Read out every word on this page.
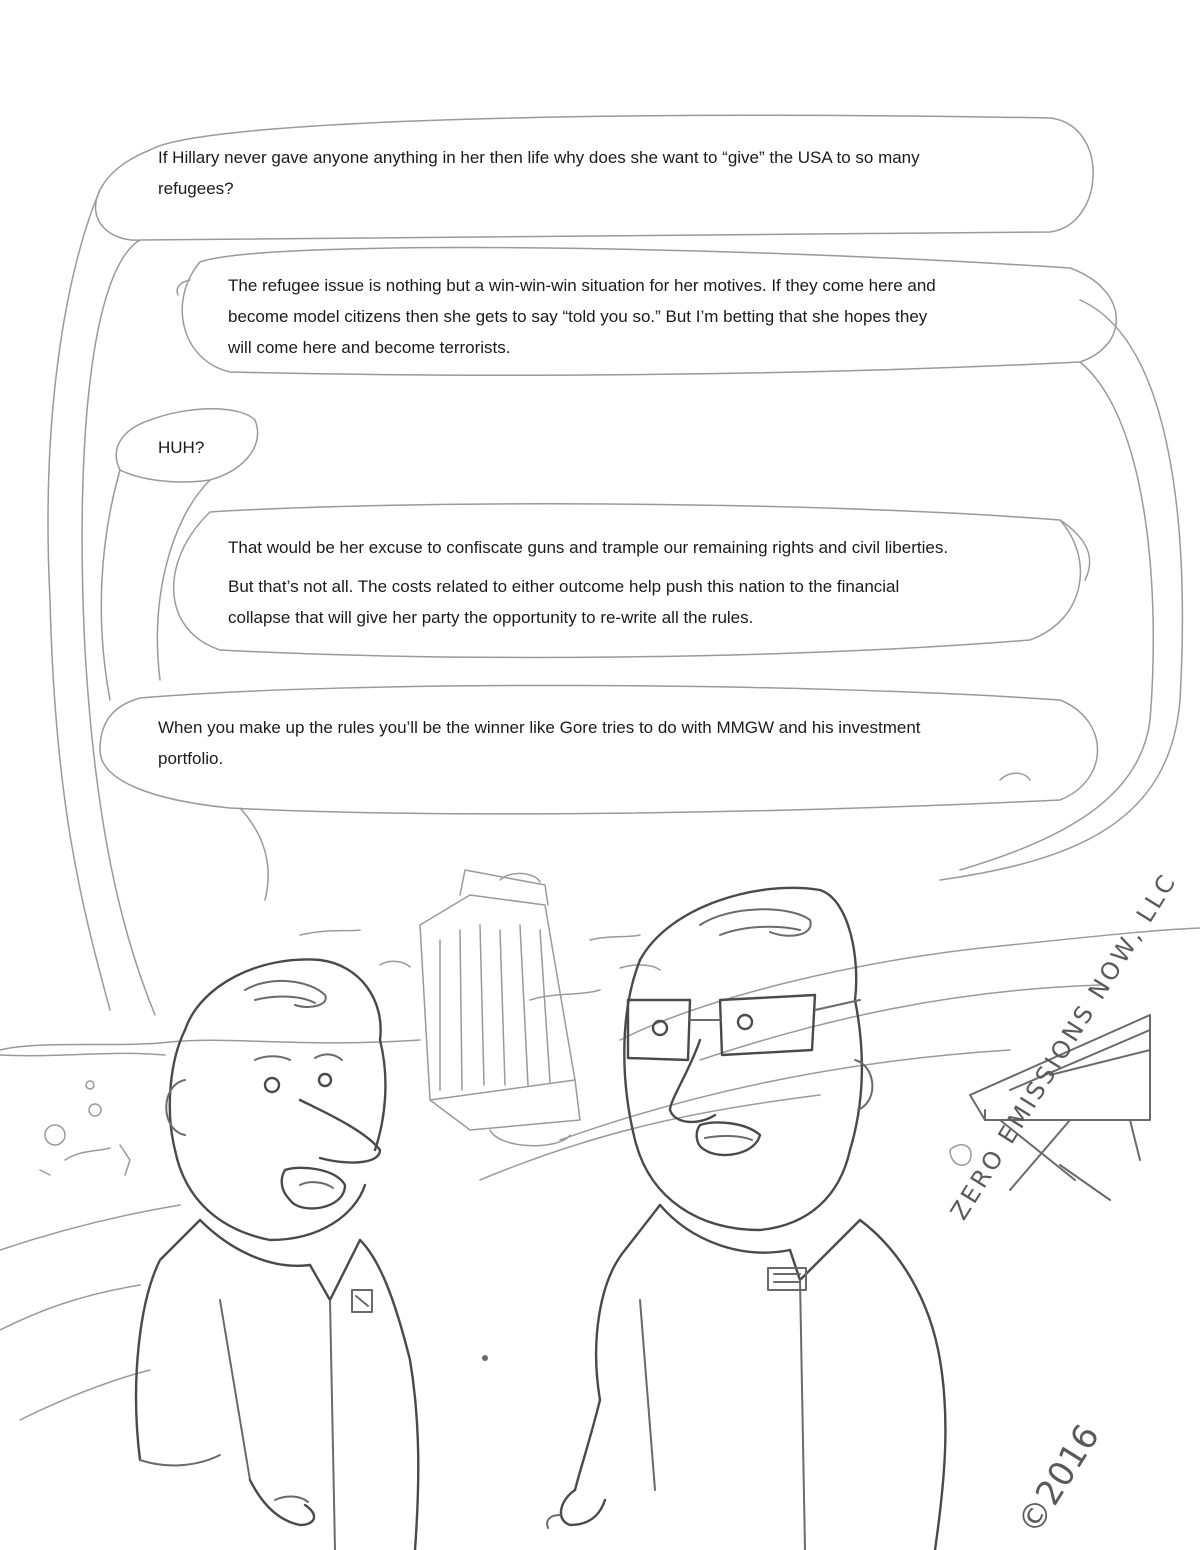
If Hillary never gave anyone anything in her then life why does she want to “give” the USA to so many

refugees?

The refugee issue is nothing but a win-win-win situation for her motives. If they come here and

become model citizens then she gets to say “told you so.” But I’m betting that she hopes they

will come here and become terrorists.

HUH?

That would be her excuse to confiscate guns and trample our remaining rights and civil liberties.

But that’s not all. The costs related to either outcome help push this nation to the financial

collapse that will give her party the opportunity to re-write all the rules.

When you make up the rules you’ll be the winner like Gore tries to do with MMGW and his investment

portfolio.

ZERO EMISSIONS NOW, LLC
©2016
